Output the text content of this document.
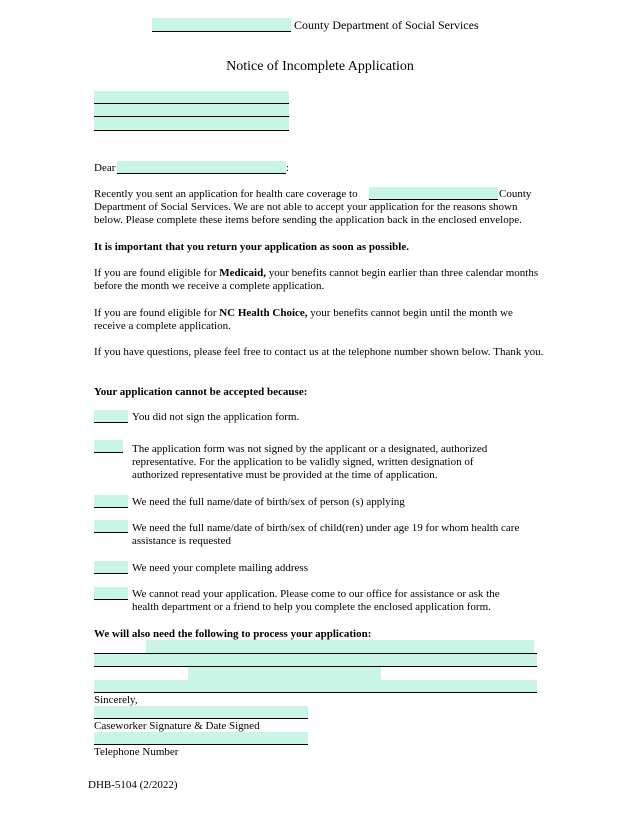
County Department of Social Services
Notice of Incomplete Application
Dear	:
Recently you sent an application for health care coverage to	County
Department of Social Services. We are not able to accept your application for the reasons shown below. Please complete these items before sending the application back in the enclosed envelope.
It is important that you return your application as soon as possible.
If you are found eligible for Medicaid, your benefits cannot begin earlier than three calendar months before the month we receive a complete application.
If you are found eligible for NC Health Choice, your benefits cannot begin until the month we receive a complete application.
If you have questions, please feel free to contact us at the telephone number shown below. Thank you.
Your application cannot be accepted because:
You did not sign the application form.
The application form was not signed by the applicant or a designated, authorized representative. For the application to be validly signed, written designation of authorized representative must be provided at the time of application.
We need the full name/date of birth/sex of person (s) applying
We need the full name/date of birth/sex of child(ren) under age 19 for whom health care assistance is requested
We need your complete mailing address
We cannot read your application. Please come to our office for assistance or ask the health department or a friend to help you complete the enclosed application form.
We will also need the following to process your application:
Sincerely,
Caseworker Signature & Date Signed
Telephone Number
DHB-5104 (2/2022)
